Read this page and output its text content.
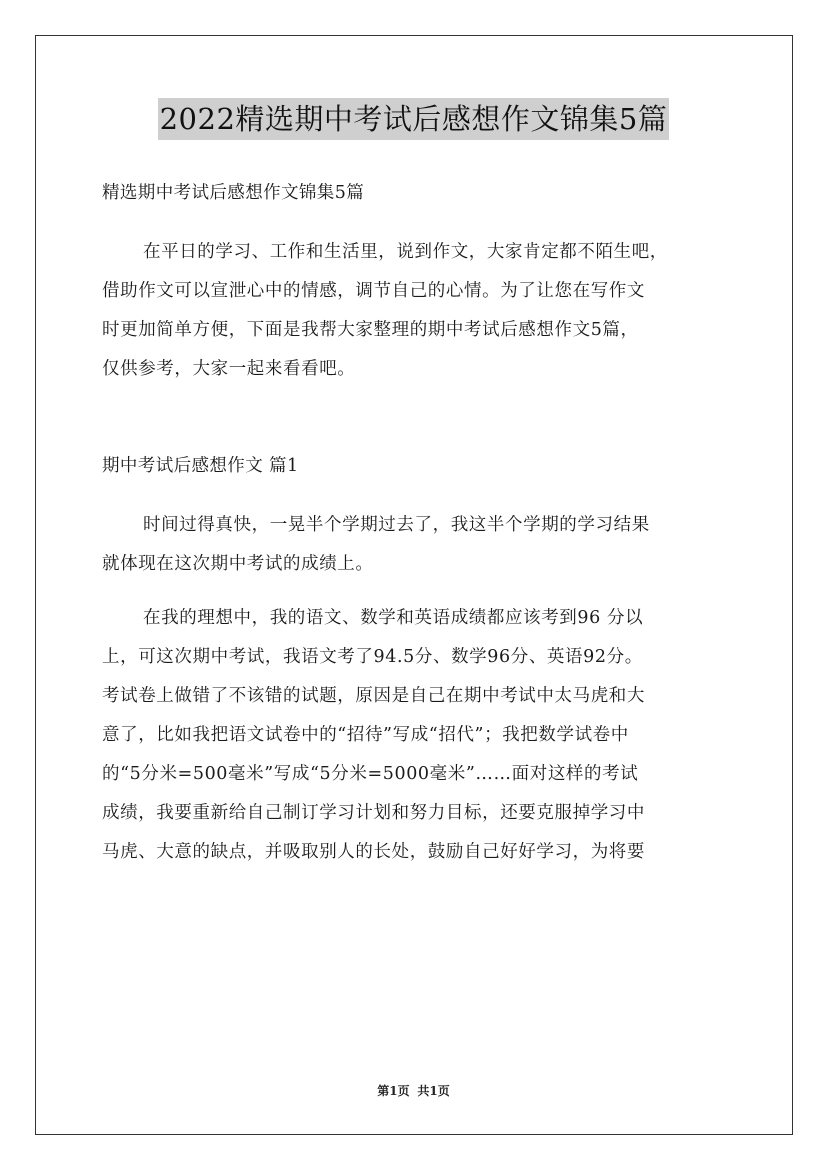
2022精选期中考试后感想作文锦集5篇
精选期中考试后感想作文锦集5篇
在平日的学习、工作和生活里，说到作文，大家肯定都不陌生吧，
借助作文可以宣泄心中的情感，调节自己的心情。为了让您在写作文
时更加简单方便，下面是我帮大家整理的期中考试后感想作文5篇，
仅供参考，大家一起来看看吧。
期中考试后感想作文 篇1
时间过得真快，一晃半个学期过去了，我这半个学期的学习结果
就体现在这次期中考试的成绩上。
在我的理想中，我的语文、数学和英语成绩都应该考到96 分以
上，可这次期中考试，我语文考了94.5分、数学96分、英语92分。
考试卷上做错了不该错的试题，原因是自己在期中考试中太马虎和大
意了，比如我把语文试卷中的“招待”写成“招代”；我把数学试卷中
的“5分米=500毫米”写成“5分米=5000毫米”……面对这样的考试
成绩，我要重新给自己制订学习计划和努力目标，还要克服掉学习中
马虎、大意的缺点，并吸取别人的长处，鼓励自己好好学习，为将要
第1页 共1页
